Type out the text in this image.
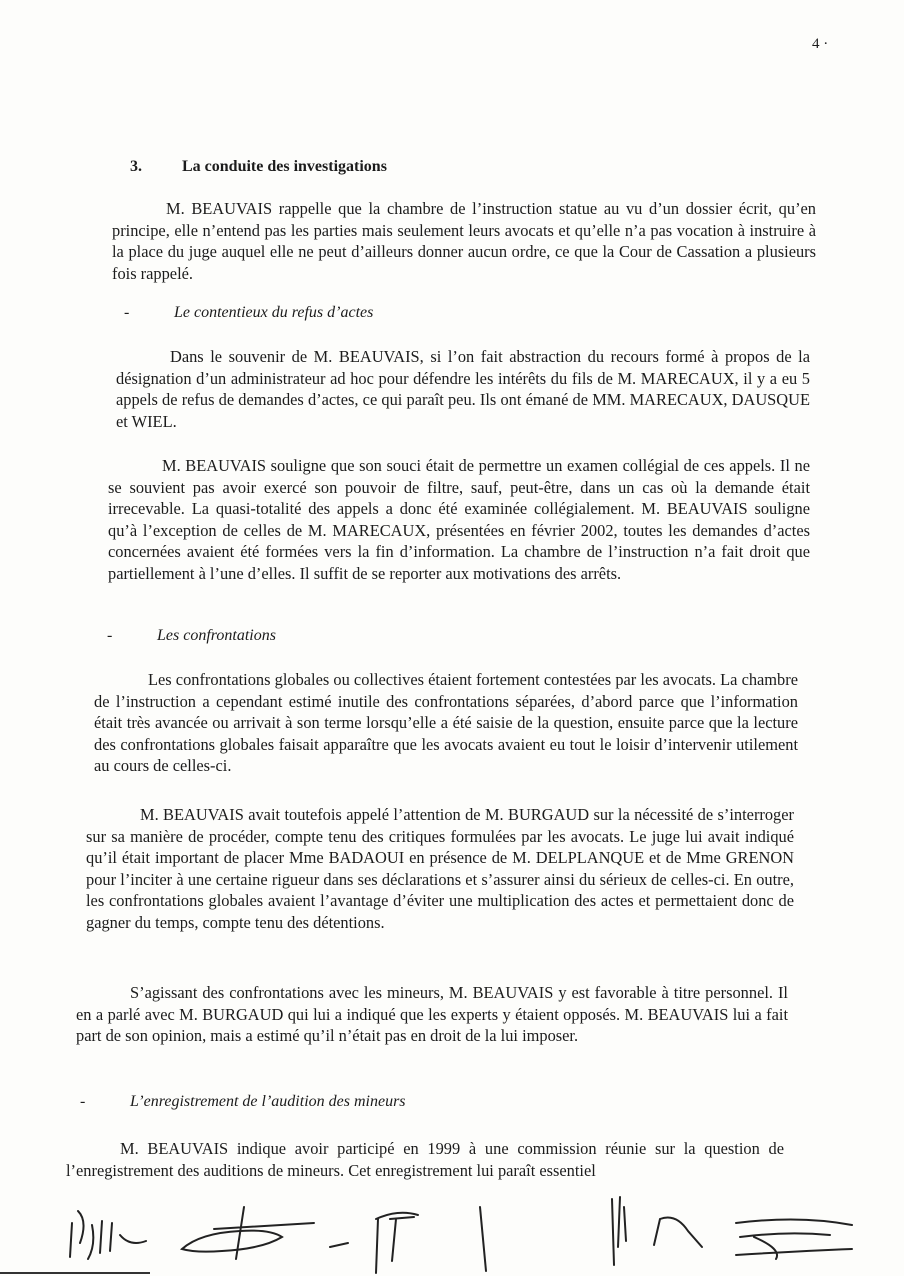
4 ·
3.	La conduite des investigations

M. BEAUVAIS rappelle que la chambre de l’instruction statue au vu d’un dossier écrit, qu’en principe, elle n’entend pas les parties mais seulement leurs avocats et qu’elle n’a pas vocation à instruire à la place du juge auquel elle ne peut d’ailleurs donner aucun ordre, ce que la Cour de Cassation a plusieurs fois rappelé.

-	Le contentieux du refus d’actes

Dans le souvenir de M. BEAUVAIS, si l’on fait abstraction du recours formé à propos de la désignation d’un administrateur ad hoc pour défendre les intérêts du fils de M. MARECAUX, il y a eu 5 appels de refus de demandes d’actes, ce qui paraît peu. Ils ont émané de MM. MARECAUX, DAUSQUE et WIEL.

M. BEAUVAIS souligne que son souci était de permettre un examen collégial de ces appels. Il ne se souvient pas avoir exercé son pouvoir de filtre, sauf, peut-être, dans un cas où la demande était irrecevable. La quasi-totalité des appels a donc été examinée collégialement. M. BEAUVAIS souligne qu’à l’exception de celles de M. MARECAUX, présentées en février 2002, toutes les demandes d’actes concernées avaient été formées vers la fin d’information. La chambre de l’instruction n’a fait droit que partiellement à l’une d’elles. Il suffit de se reporter aux motivations des arrêts.

-	Les confrontations

Les confrontations globales ou collectives étaient fortement contestées par les avocats. La chambre de l’instruction a cependant estimé inutile des confrontations séparées, d’abord parce que l’information était très avancée ou arrivait à son terme lorsqu’elle a été saisie de la question, ensuite parce que la lecture des confrontations globales faisait apparaître que les avocats avaient eu tout le loisir d’intervenir utilement au cours de celles-ci.

M. BEAUVAIS avait toutefois appelé l’attention de M. BURGAUD sur la nécessité de s’interroger sur sa manière de procéder, compte tenu des critiques formulées par les avocats. Le juge lui avait indiqué qu’il était important de placer Mme BADAOUI en présence de M. DELPLANQUE et de Mme GRENON pour l’inciter à une certaine rigueur dans ses déclarations et s’assurer ainsi du sérieux de celles-ci. En outre, les confrontations globales avaient l’avantage d’éviter une multiplication des actes et permettaient donc de gagner du temps, compte tenu des détentions.

S’agissant des confrontations avec les mineurs, M. BEAUVAIS y est favorable à titre personnel. Il en a parlé avec M. BURGAUD qui lui a indiqué que les experts y étaient opposés. M. BEAUVAIS lui a fait part de son opinion, mais a estimé qu’il n’était pas en droit de la lui imposer.

-	L’enregistrement de l’audition des mineurs

M. BEAUVAIS indique avoir participé en 1999 à une commission réunie sur la question de l’enregistrement des auditions de mineurs. Cet enregistrement lui paraît essentiel
